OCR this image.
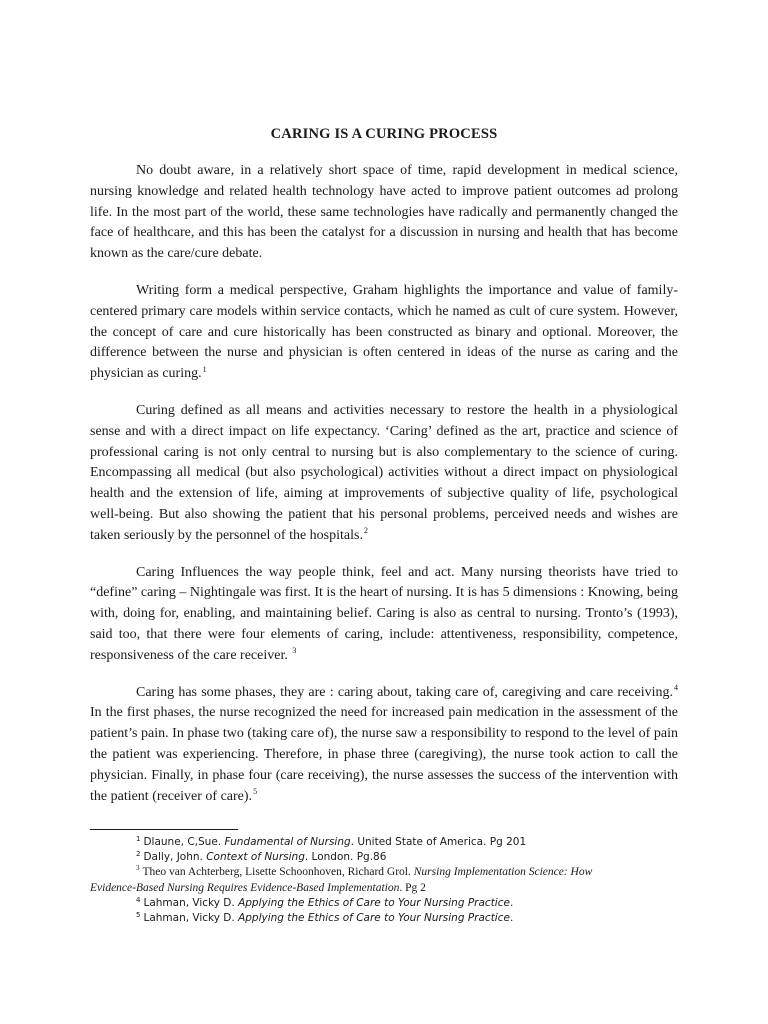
CARING IS A CURING PROCESS

No doubt aware, in a relatively short space of time, rapid development in medical science, nursing knowledge and related health technology have acted to improve patient outcomes ad prolong life. In the most part of the world, these same technologies have radically and permanently changed the face of healthcare, and this has been the catalyst for a discussion in nursing and health that has become known as the care/cure debate.

Writing form a medical perspective, Graham highlights the importance and value of family-centered primary care models within service contacts, which he named as cult of cure system. However, the concept of care and cure historically has been constructed as binary and optional. Moreover, the difference between the nurse and physician is often centered in ideas of the nurse as caring and the physician as curing.$^1$

Curing defined as all means and activities necessary to restore the health in a physiological sense and with a direct impact on life expectancy. ‘Caring’ defined as the art, practice and science of professional caring is not only central to nursing but is also complementary to the science of curing. Encompassing all medical (but also psychological) activities without a direct impact on physiological health and the extension of life, aiming at improvements of subjective quality of life, psychological well-being. But also showing the patient that his personal problems, perceived needs and wishes are taken seriously by the personnel of the hospitals.$^2$

Caring Influences the way people think, feel and act. Many nursing theorists have tried to “define” caring – Nightingale was first. It is the heart of nursing. It is has 5 dimensions : Knowing, being with, doing for, enabling, and maintaining belief. Caring is also as central to nursing. Tronto’s (1993), said too, that there were four elements of caring, include: attentiveness, responsibility, competence, responsiveness of the care receiver. $^3$

Caring has some phases, they are : caring about, taking care of, caregiving and care receiving.$^4$ In the first phases, the nurse recognized the need for increased pain medication in the assessment of the patient’s pain. In phase two (taking care of), the nurse saw a responsibility to respond to the level of pain the patient was experiencing. Therefore, in phase three (caregiving), the nurse took action to call the physician. Finally, in phase four (care receiving), the nurse assesses the success of the intervention with the patient (receiver of care).$^5$

$^1$ Dlaune, C,Sue. Fundamental of Nursing. United State of America. Pg 201
$^2$ Dally, John. Context of Nursing. London. Pg.86
$^3$ Theo van Achterberg, Lisette Schoonhoven, Richard Grol. Nursing Implementation Science: How
Evidence-Based Nursing Requires Evidence-Based Implementation. Pg 2
$^4$ Lahman, Vicky D. Applying the Ethics of Care to Your Nursing Practice.
$^5$ Lahman, Vicky D. Applying the Ethics of Care to Your Nursing Practice.
